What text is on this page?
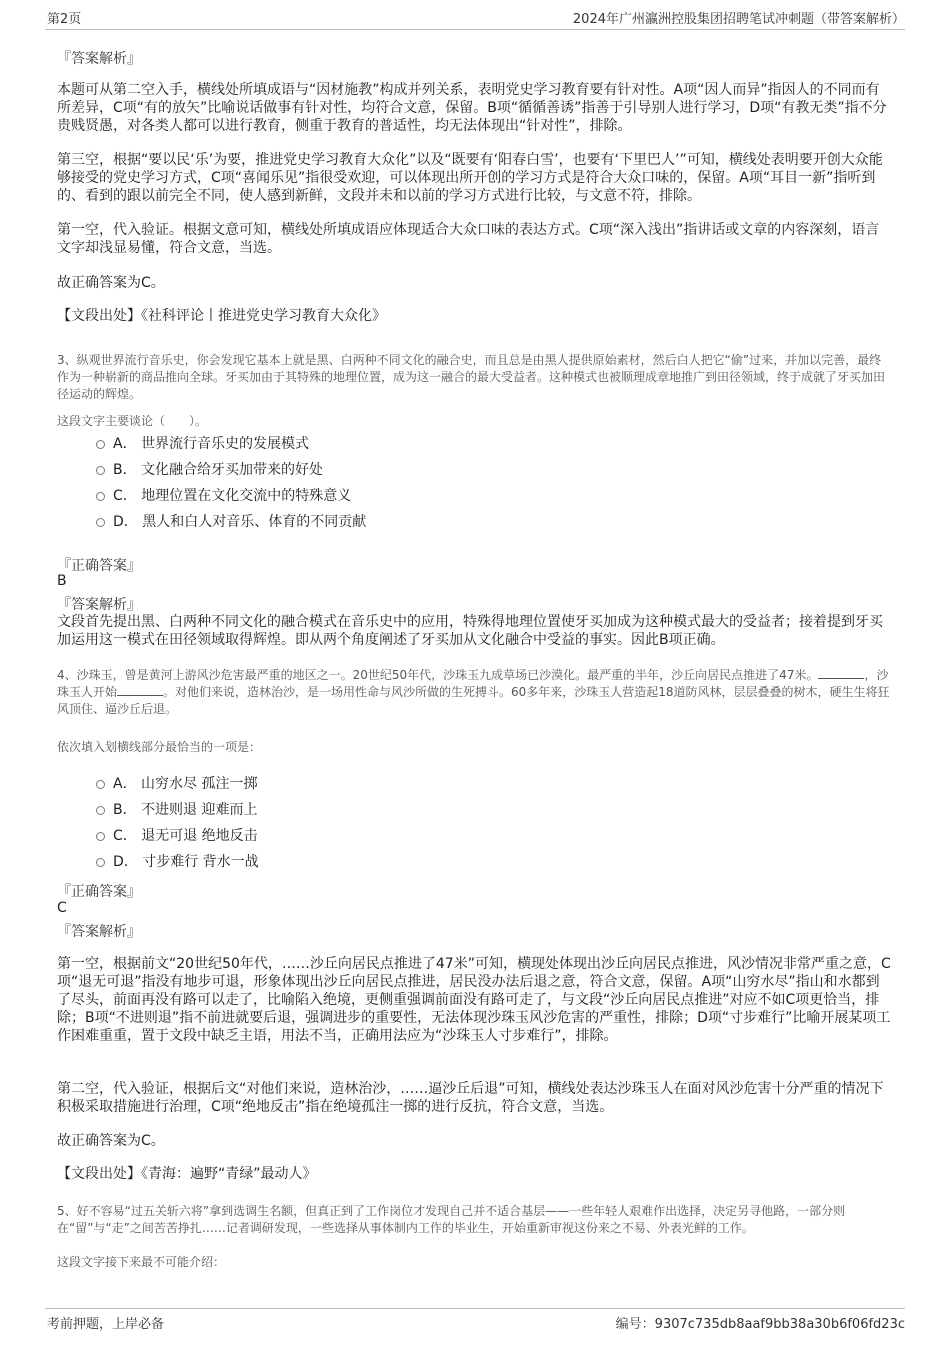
第2页	2024年广州瀛洲控股集团招聘笔试冲刺题（带答案解析）
『答案解析』
本题可从第二空入手，横线处所填成语与“因材施教”构成并列关系，表明党史学习教育要有针对性。A项“因人而异”指因人的不同而有所差异，C项“有的放矢”比喻说话做事有针对性，均符合文意，保留。B项“循循善诱”指善于引导别人进行学习，D项“有教无类”指不分贵贱贤愚，对各类人都可以进行教育，侧重于教育的普适性，均无法体现出“针对性”，排除。
第三空，根据“要以民‘乐’为要，推进党史学习教育大众化”以及“既要有‘阳春白雪’，也要有‘下里巴人’”可知，横线处表明要开创大众能够接受的党史学习方式，C项“喜闻乐见”指很受欢迎，可以体现出所开创的学习方式是符合大众口味的，保留。A项“耳目一新”指听到的、看到的跟以前完全不同，使人感到新鲜，文段并未和以前的学习方式进行比较，与文意不符，排除。
第一空，代入验证。根据文意可知，横线处所填成语应体现适合大众口味的表达方式。C项“深入浅出”指讲话或文章的内容深刻，语言文字却浅显易懂，符合文意，当选。
故正确答案为C。
【文段出处】《社科评论丨推进党史学习教育大众化》
3、纵观世界流行音乐史，你会发现它基本上就是黑、白两种不同文化的融合史，而且总是由黑人提供原始素材，然后白人把它“偷”过来，并加以完善，最终作为一种崭新的商品推向全球。牙买加由于其特殊的地理位置，成为这一融合的最大受益者。这种模式也被顺理成章地推广到田径领域，终于成就了牙买加田径运动的辉煌。
这段文字主要谈论（　　）。
A． 世界流行音乐史的发展模式
B． 文化融合给牙买加带来的好处
C． 地理位置在文化交流中的特殊意义
D． 黑人和白人对音乐、体育的不同贡献
『正确答案』
B
『答案解析』
文段首先提出黑、白两种不同文化的融合模式在音乐史中的应用，特殊得地理位置使牙买加成为这种模式最大的受益者；接着提到牙买加运用这一模式在田径领域取得辉煌。即从两个角度阐述了牙买加从文化融合中受益的事实。因此B项正确。
4、沙珠玉，曾是黄河上游风沙危害最严重的地区之一。20世纪50年代，沙珠玉九成草场已沙漠化。最严重的半年，沙丘向居民点推进了47米。	，沙珠玉人开始	。对他们来说，造林治沙，是一场用性命与风沙所做的生死搏斗。60多年来，沙珠玉人营造起18道防风林，层层叠叠的树木，硬生生将狂风顶住、逼沙丘后退。
依次填入划横线部分最恰当的一项是：
A． 山穷水尽 孤注一掷
B． 不进则退 迎难而上
C． 退无可退 绝地反击
D． 寸步难行 背水一战
『正确答案』
C
『答案解析』
第一空，根据前文“20世纪50年代，……沙丘向居民点推进了47米”可知，横现处体现出沙丘向居民点推进，风沙情况非常严重之意，C项“退无可退”指没有地步可退，形象体现出沙丘向居民点推进，居民没办法后退之意，符合文意，保留。A项“山穷水尽”指山和水都到了尽头，前面再没有路可以走了，比喻陷入绝境，更侧重强调前面没有路可走了，与文段“沙丘向居民点推进”对应不如C项更恰当，排除；B项“不进则退”指不前进就要后退，强调进步的重要性，无法体现沙珠玉风沙危害的严重性，排除；D项“寸步难行”比喻开展某项工作困难重重，置于文段中缺乏主语，用法不当，正确用法应为“沙珠玉人寸步难行”，排除。
第二空，代入验证，根据后文“对他们来说，造林治沙，……逼沙丘后退”可知，横线处表达沙珠玉人在面对风沙危害十分严重的情况下积极采取措施进行治理，C项“绝地反击”指在绝境孤注一掷的进行反抗，符合文意，当选。
故正确答案为C。
【文段出处】《青海：遍野“青绿”最动人》
5、好不容易“过五关斩六将”拿到选调生名额，但真正到了工作岗位才发现自己并不适合基层——一些年轻人艰难作出选择，决定另寻他路，一部分则在“留”与“走”之间苦苦挣扎……记者调研发现，一些选择从事体制内工作的毕业生，开始重新审视这份来之不易、外表光鲜的工作。
这段文字接下来最不可能介绍：
考前押题，上岸必备	编号：9307c735db8aaf9bb38a30b6f06fd23c
